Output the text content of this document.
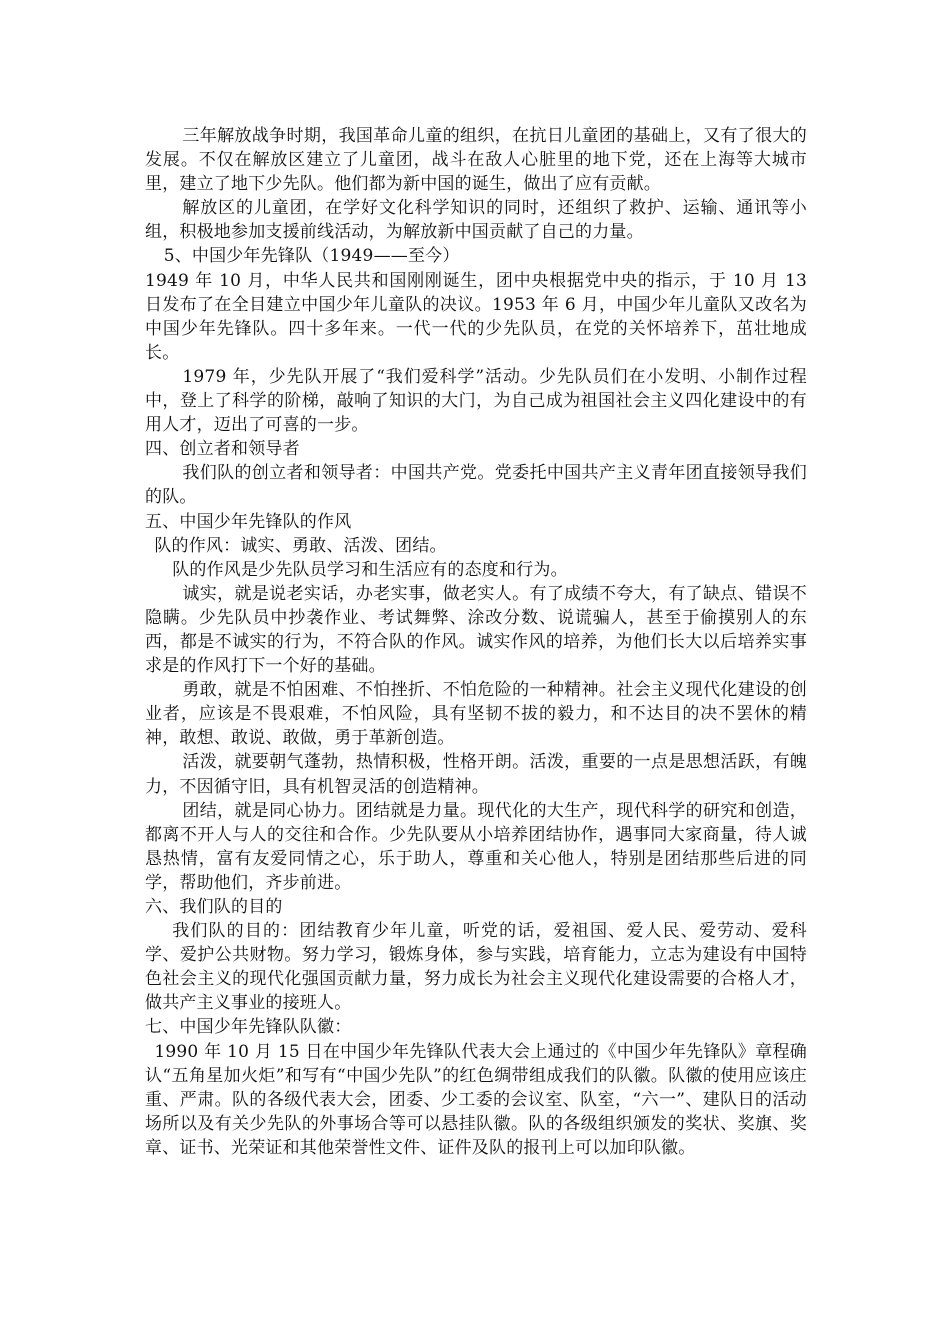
三年解放战争时期，我国革命儿童的组织，在抗日儿童团的基础上，又有了很大的发展。不仅在解放区建立了儿童团，战斗在敌人心脏里的地下党，还在上海等大城市里，建立了地下少先队。他们都为新中国的诞生，做出了应有贡献。

解放区的儿童团，在学好文化科学知识的同时，还组织了救护、运输、通讯等小组，积极地参加支援前线活动，为解放新中国贡献了自己的力量。

5、中国少年先锋队（1949——至今）

1949 年 10 月，中华人民共和国刚刚诞生，团中央根据党中央的指示，于 10 月 13 日发布了在全目建立中国少年儿童队的决议。1953 年 6 月，中国少年儿童队又改名为中国少年先锋队。四十多年来。一代一代的少先队员，在党的关怀培养下，茁壮地成长。

1979 年，少先队开展了“我们爱科学”活动。少先队员们在小发明、小制作过程中，登上了科学的阶梯，敲响了知识的大门，为自己成为祖国社会主义四化建设中的有用人才，迈出了可喜的一步。

四、创立者和领导者

我们队的创立者和领导者：中国共产党。党委托中国共产主义青年团直接领导我们的队。

五、中国少年先锋队的作风

队的作风：诚实、勇敢、活泼、团结。

队的作风是少先队员学习和生活应有的态度和行为。

诚实，就是说老实话，办老实事，做老实人。有了成绩不夸大，有了缺点、错误不隐瞒。少先队员中抄袭作业、考试舞弊、涂改分数、说谎骗人，甚至于偷摸别人的东西，都是不诚实的行为，不符合队的作风。诚实作风的培养，为他们长大以后培养实事求是的作风打下一个好的基础。

勇敢，就是不怕困难、不怕挫折、不怕危险的一种精神。社会主义现代化建设的创业者，应该是不畏艰难，不怕风险，具有坚韧不拔的毅力，和不达目的决不罢休的精神，敢想、敢说、敢做，勇于革新创造。

活泼，就要朝气蓬勃，热情积极，性格开朗。活泼，重要的一点是思想活跃，有魄力，不因循守旧，具有机智灵活的创造精神。

团结，就是同心协力。团结就是力量。现代化的大生产，现代科学的研究和创造，都离不开人与人的交往和合作。少先队要从小培养团结协作，遇事同大家商量，待人诚恳热情，富有友爱同情之心，乐于助人，尊重和关心他人，特别是团结那些后进的同学，帮助他们，齐步前进。

六、我们队的目的

我们队的目的：团结教育少年儿童，听党的话，爱祖国、爱人民、爱劳动、爱科学、爱护公共财物。努力学习，锻炼身体，参与实践，培育能力，立志为建设有中国特色社会主义的现代化强国贡献力量，努力成长为社会主义现代化建设需要的合格人才，做共产主义事业的接班人。

七、中国少年先锋队队徽：

1990 年 10 月 15 日在中国少年先锋队代表大会上通过的《中国少年先锋队》章程确认“五角星加火炬”和写有“中国少先队”的红色绸带组成我们的队徽。队徽的使用应该庄重、严肃。队的各级代表大会，团委、少工委的会议室、队室，“六一”、建队日的活动场所以及有关少先队的外事场合等可以悬挂队徽。队的各级组织颁发的奖状、奖旗、奖章、证书、光荣证和其他荣誉性文件、证件及队的报刊上可以加印队徽。
